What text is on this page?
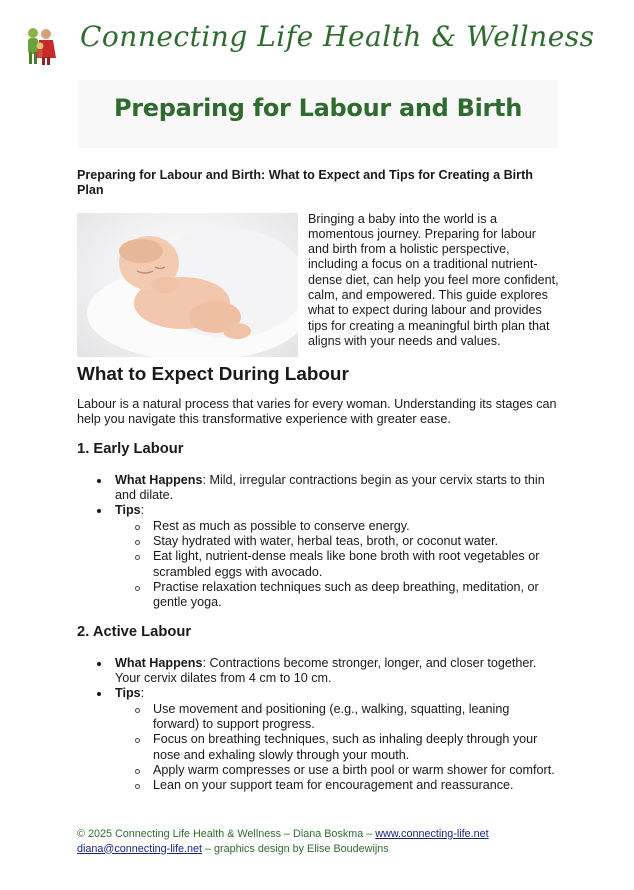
Connecting Life Health & Wellness
Preparing for Labour and Birth
Preparing for Labour and Birth: What to Expect and Tips for Creating a Birth Plan

Bringing a baby into the world is a momentous journey. Preparing for labour and birth from a holistic perspective, including a focus on a traditional nutrient-dense diet, can help you feel more confident, calm, and empowered. This guide explores what to expect during labour and provides tips for creating a meaningful birth plan that aligns with your needs and values.

What to Expect During Labour

Labour is a natural process that varies for every woman. Understanding its stages can help you navigate this transformative experience with greater ease.

1. Early Labour
What Happens: Mild, irregular contractions begin as your cervix starts to thin and dilate.
Tips:
Rest as much as possible to conserve energy.
Stay hydrated with water, herbal teas, broth, or coconut water.
Eat light, nutrient-dense meals like bone broth with root vegetables or scrambled eggs with avocado.
Practise relaxation techniques such as deep breathing, meditation, or gentle yoga.
2. Active Labour
What Happens: Contractions become stronger, longer, and closer together. Your cervix dilates from 4 cm to 10 cm.
Tips:
Use movement and positioning (e.g., walking, squatting, leaning forward) to support progress.
Focus on breathing techniques, such as inhaling deeply through your nose and exhaling slowly through your mouth.
Apply warm compresses or use a birth pool or warm shower for comfort.
Lean on your support team for encouragement and reassurance.
© 2025 Connecting Life Health & Wellness – Diana Boskma – www.connecting-life.net
diana@connecting-life.net – graphics design by Elise Boudewijns
